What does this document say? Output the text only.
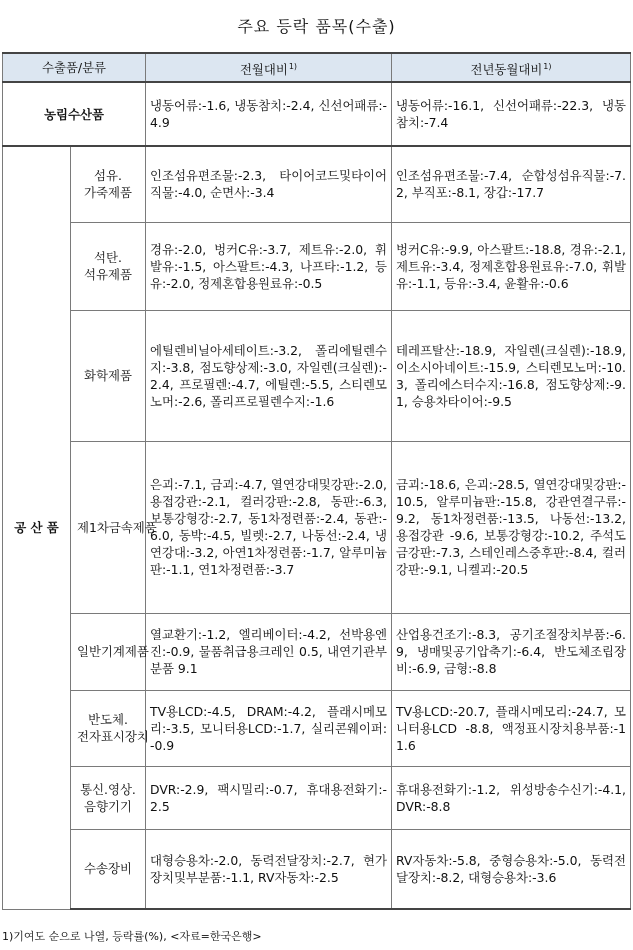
주요 등락 품목(수출)
수출품/분류		전월대비$^{1)}$	전년동월대비$^{1)}$
농림수산품		냉동어류:-1.6, 냉동참치:-2.4, 신선어패류:-4.9	냉동어류:-16.1, 신선어패류:-22.3, 냉동참치:-7.4
공 산 품	섬유.가죽제품	인조섬유편조물:-2.3, 타이어코드및타이어직물:-4.0, 순면사:-3.4	인조섬유편조물:-7.4, 순합성섬유직물:-7.2, 부직포:-8.1, 장갑:-17.7
	석탄.석유제품	경유:-2.0, 벙커C유:-3.7, 제트유:-2.0, 휘발유:-1.5, 아스팔트:-4.3, 나프타:-1.2, 등유:-2.0, 정제혼합용원료유:-0.5	벙커C유:-9.9, 아스팔트:-18.8, 경유:-2.1, 제트유:-3.4, 정제혼합용원료유:-7.0, 휘발유:-1.1, 등유:-3.4, 윤활유:-0.6
	화학제품	에틸렌비닐아세테이트:-3.2, 폴리에틸렌수지:-3.8, 점도향상제:-3.0, 자일렌(크실렌):-2.4, 프로필렌:-4.7, 에틸렌:-5.5, 스티렌모노머:-2.6, 폴리프로필렌수지:-1.6	테레프탈산:-18.9, 자일렌(크실렌):-18.9, 이소시아네이트:-15.9, 스티렌모노머:-10.3, 폴리에스터수지:-16.8, 점도향상제:-9.1, 승용차타이어:-9.5
	제1차금속제품	은괴:-7.1, 금괴:-4.7, 열연강대및강판:-2.0, 용접강관:-2.1, 컬러강판:-2.8, 동판:-6.3, 보통강형강:-2.7, 동1차정련품:-2.4, 동관:-6.0, 동박:-4.5, 빌렛:-2.7, 나동선:-2.4, 냉연강대:-3.2, 아연1차정련품:-1.7, 알루미늄판:-1.1, 연1차정련품:-3.7	금괴:-18.6, 은괴:-28.5, 열연강대및강판:-10.5, 알루미늄판:-15.8, 강관연결구류:-9.2, 동1차정련품:-13.5, 나동선:-13.2, 용접강관 -9.6, 보통강형강:-10.2, 주석도금강판:-7.3, 스테인레스중후판:-8.4, 컬러강판:-9.1, 니켈괴:-20.5
	일반기계제품	열교환기:-1.2, 엘리베이터:-4.2, 선박용엔진:-0.9, 물품취급용크레인 0.5, 내연기관부분품 9.1	산업용건조기:-8.3, 공기조절장치부품:-6.9, 냉매및공기압축기:-6.4, 반도체조립장비:-6.9, 금형:-8.8
	반도체.전자표시장치	TV용LCD:-4.5, DRAM:-4.2, 플래시메모리:-3.5, 모니터용LCD:-1.7, 실리콘웨이퍼:-0.9	TV용LCD:-20.7, 플래시메모리:-24.7, 모니터용LCD -8.8, 액정표시장치용부품:-11.6
	통신.영상.음향기기	DVR:-2.9, 팩시밀리:-0.7, 휴대용전화기:-2.5	휴대용전화기:-1.2, 위성방송수신기:-4.1, DVR:-8.8
	수송장비	대형승용차:-2.0, 동력전달장치:-2.7, 현가장치및부분품:-1.1, RV자동차:-2.5	RV자동차:-5.8, 중형승용차:-5.0, 동력전달장치:-8.2, 대형승용차:-3.6
1)기여도 순으로 나열, 등락률(%), <자료=한국은행>
